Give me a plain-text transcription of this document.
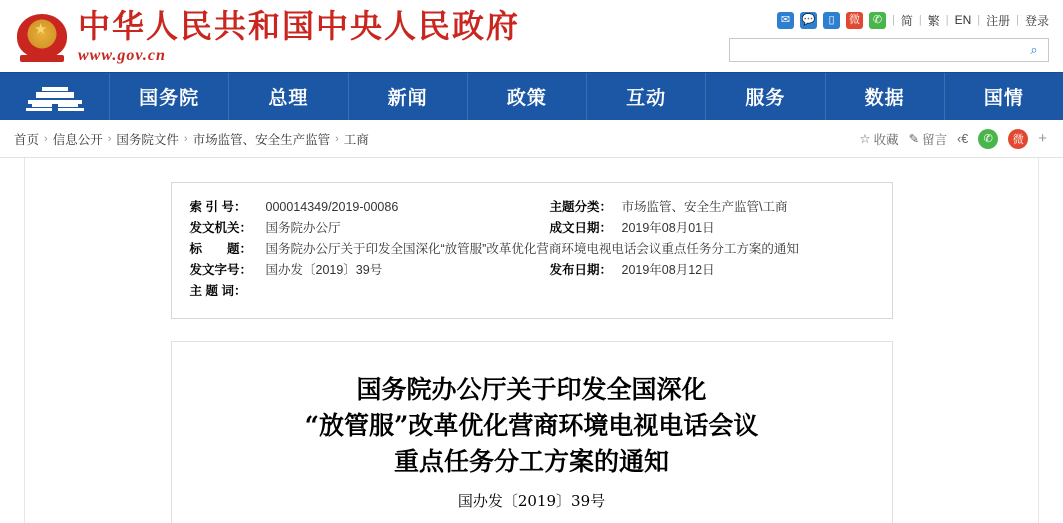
★ 中华人民共和国中央人民政府
www.gov.cn
✉	💬	▯	微	✆ | 简 | 繁 | EN | 注册 | 登录
⌕
国务院	总理	新闻	政策	互动	服务	数据	国情
首页 › 信息公开 › 国务院文件 › 市场监管、安全生产监管 › 工商	☆ 收藏 ✎ 留言 ‹€	✆	微 +
索 引 号：	000014349/2019-00086	主题分类： 市场监管、安全生产监管\工商
发文机关：	国务院办公厅	成文日期： 2019年08月01日
标　　题：	国务院办公厅关于印发全国深化“放管服”改革优化营商环境电视电话会议重点任务分工方案的通知
发文字号：	国办发〔2019〕39号	发布日期： 2019年08月12日
主 题 词：
国务院办公厅关于印发全国深化
“放管服”改革优化营商环境电视电话会议
重点任务分工方案的通知
国办发〔2019〕39号
